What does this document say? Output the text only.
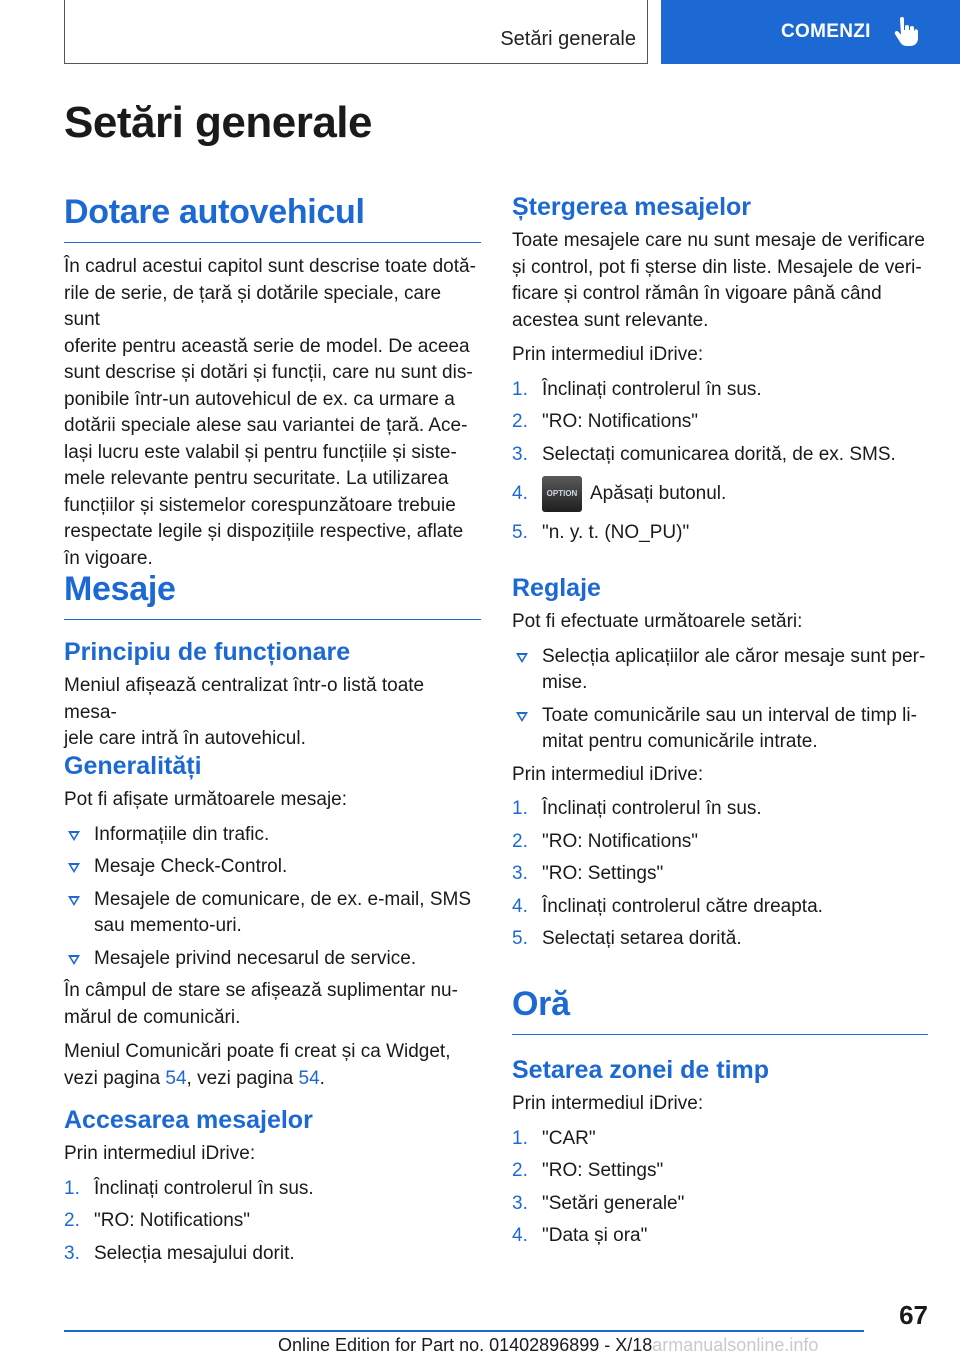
Setări generale	COMENZI
Setări generale
Dotare autovehicul
În cadrul acestui capitol sunt descrise toate dotă-
rile de serie, de țară și dotările speciale, care sunt
oferite pentru această serie de model. De aceea
sunt descrise și dotări și funcții, care nu sunt dis-
ponibile într-un autovehicul de ex. ca urmare a
dotării speciale alese sau variantei de țară. Ace-
lași lucru este valabil și pentru funcțiile și siste-
mele relevante pentru securitate. La utilizarea
funcțiilor și sistemelor corespunzătoare trebuie
respectate legile și dispozițiile respective, aflate
în vigoare.
Mesaje
Principiu de funcționare
Meniul afișează centralizat într-o listă toate mesa-
jele care intră în autovehicul.
Generalități
Pot fi afișate următoarele mesaje:
Informațiile din trafic.
Mesaje Check-Control.
Mesajele de comunicare, de ex. e-mail, SMS
sau memento-uri.
Mesajele privind necesarul de service.
În câmpul de stare se afișează suplimentar nu-
mărul de comunicări.
Meniul Comunicări poate fi creat și ca Widget,
vezi pagina 54, vezi pagina 54.
Accesarea mesajelor
Prin intermediul iDrive:
1. Înclinați controlerul în sus.
2. "RO: Notifications"
3. Selecția mesajului dorit.
Ștergerea mesajelor
Toate mesajele care nu sunt mesaje de verificare
și control, pot fi șterse din liste. Mesajele de veri-
ficare și control rămân în vigoare până când
acestea sunt relevante.
Prin intermediul iDrive:
1. Înclinați controlerul în sus.
2. "RO: Notifications"
3. Selectați comunicarea dorită, de ex. SMS.
4. OPTION Apăsați butonul.
5. "n. y. t. (NO_PU)"
Reglaje
Pot fi efectuate următoarele setări:
Selecția aplicațiilor ale căror mesaje sunt per-
mise.
Toate comunicările sau un interval de timp li-
mitat pentru comunicările intrate.
Prin intermediul iDrive:
1. Înclinați controlerul în sus.
2. "RO: Notifications"
3. "RO: Settings"
4. Înclinați controlerul către dreapta.
5. Selectați setarea dorită.
Oră
Setarea zonei de timp
Prin intermediul iDrive:
1. "CAR"
2. "RO: Settings"
3. "Setări generale"
4. "Data și ora"
67
Online Edition for Part no. 01402896899 - X/18armanualsonline.info
